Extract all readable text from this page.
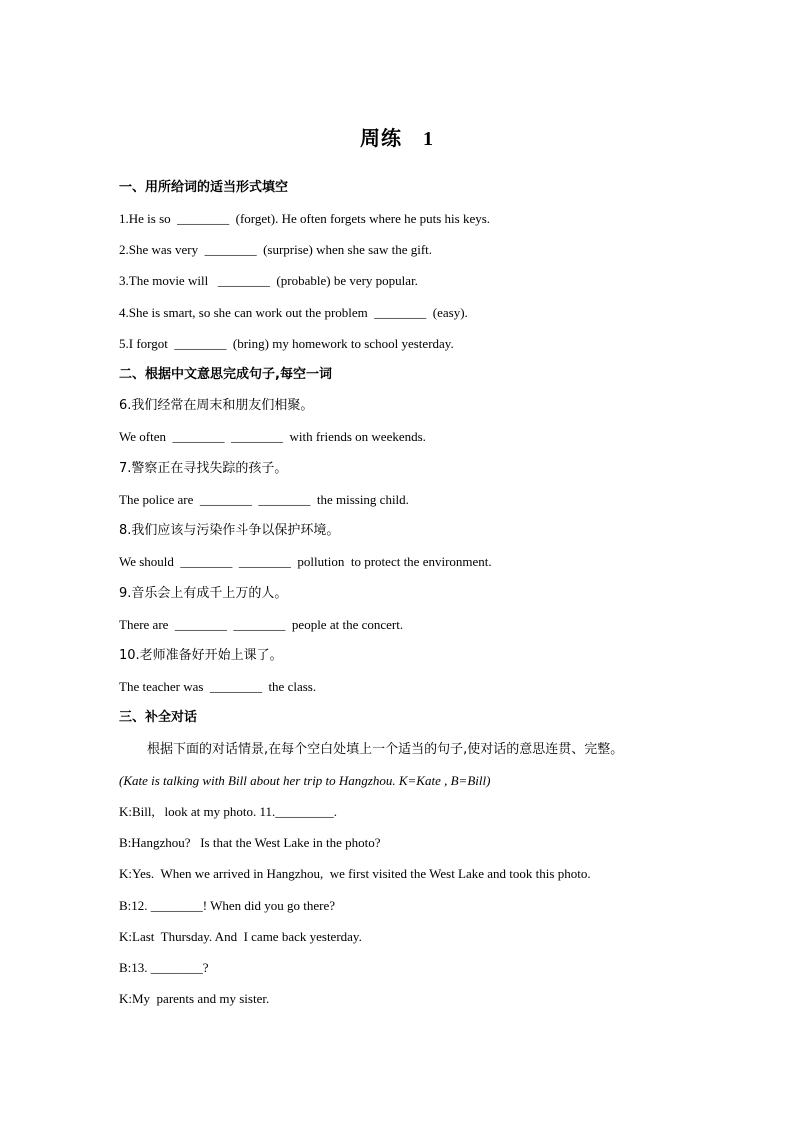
周练　1
一、用所给词的适当形式填空
1.He is so  ________  (forget). He often forgets where he puts his keys.
2.She was very  ________  (surprise) when she saw the gift.
3.The movie will   ________  (probable) be very popular.
4.She is smart, so she can work out the problem  ________  (easy).
5.I forgot  ________  (bring) my homework to school yesterday.
二、根据中文意思完成句子,每空一词
6.我们经常在周末和朋友们相聚。
We often  ________  ________  with friends on weekends.
7.警察正在寻找失踪的孩子。
The police are  ________  ________  the missing child.
8.我们应该与污染作斗争以保护环境。
We should  ________  ________  pollution  to protect the environment.
9.音乐会上有成千上万的人。
There are  ________  ________  people at the concert.
10.老师准备好开始上课了。
The teacher was  ________  the class.
三、补全对话
根据下面的对话情景,在每个空白处填上一个适当的句子,使对话的意思连贯、完整。
(Kate is talking with Bill about her trip to Hangzhou. K=Kate , B=Bill)
K:Bill,   look at my photo. 11._________.
B:Hangzhou?   Is that the West Lake in the photo?
K:Yes.  When we arrived in Hangzhou,  we first visited the West Lake and took this photo.
B:12. ________! When did you go there?
K:Last  Thursday. And  I came back yesterday.
B:13. ________?
K:My  parents and my sister.
